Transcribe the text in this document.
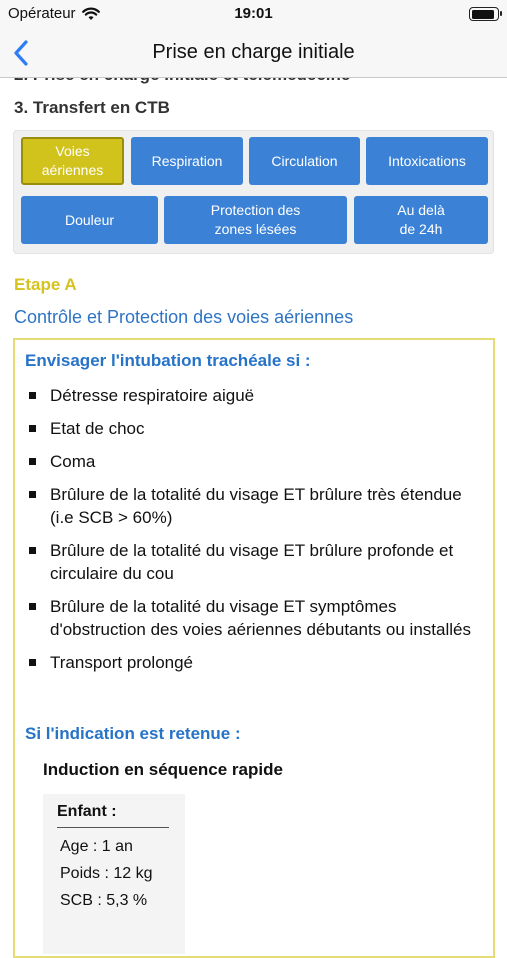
Opérateur	19:01
Prise en charge initiale
3. Transfert en CTB
Voies
aériennes
Respiration	Circulation	Intoxications
Douleur
Protection des
zones lésées
Au delà
de 24h
Etape A
Contrôle et Protection des voies aériennes
Envisager l'intubation trachéale si :
Détresse respiratoire aiguë
Etat de choc
Coma
Brûlure de la totalité du visage ET brûlure très étendue (i.e SCB > 60%)
Brûlure de la totalité du visage ET brûlure profonde et circulaire du cou
Brûlure de la totalité du visage ET symptômes d'obstruction des voies aériennes débutants ou installés
Transport prolongé
Si l'indication est retenue :
Induction en séquence rapide
Enfant :
Age : 1 an
Poids : 12 kg
SCB : 5,3 %
